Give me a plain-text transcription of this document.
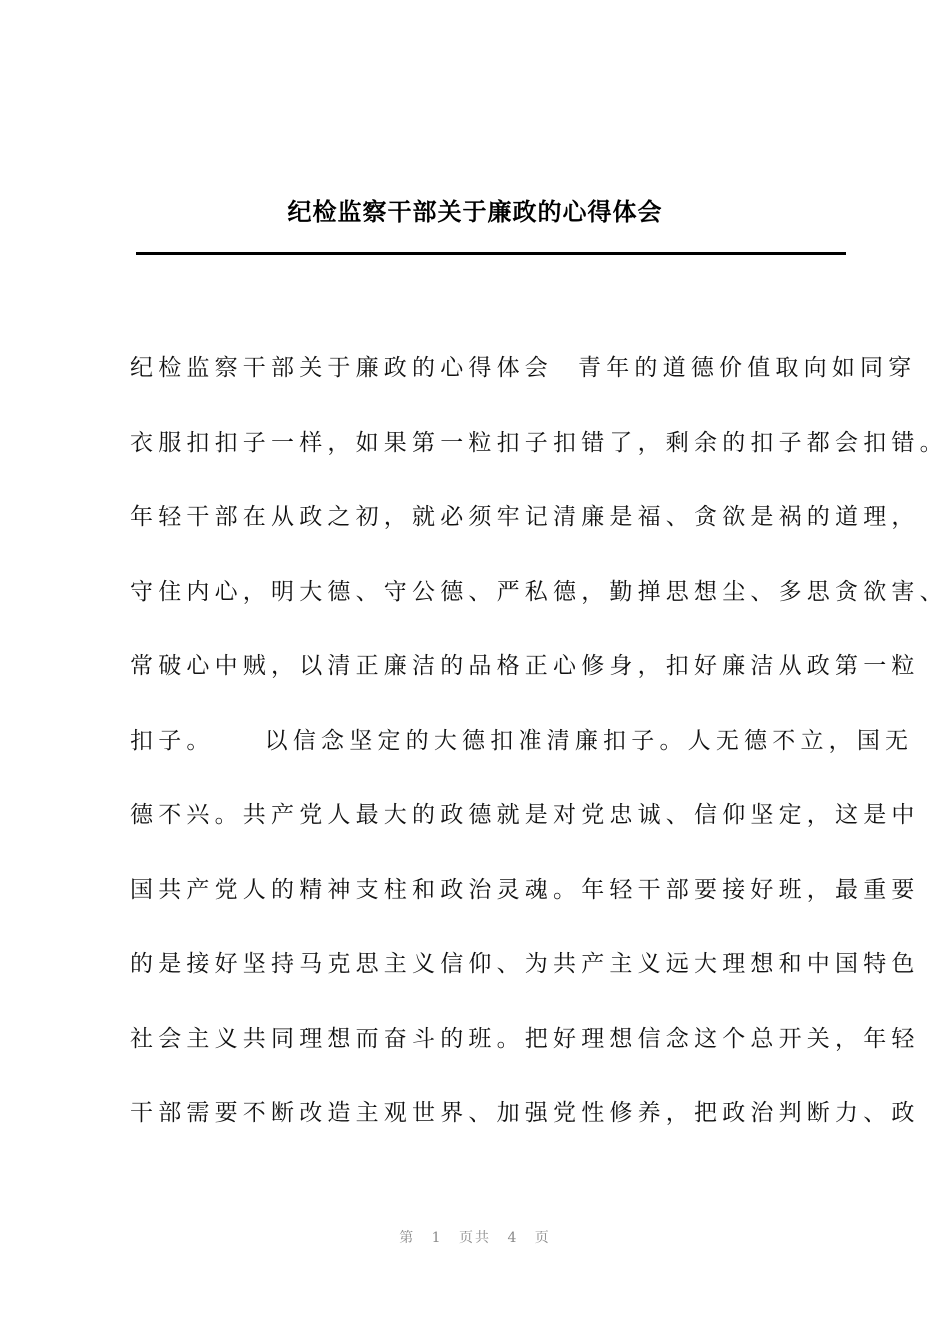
纪检监察干部关于廉政的心得体会
纪检监察干部关于廉政的心得体会  青年的道德价值取向如同穿
衣服扣扣子一样，如果第一粒扣子扣错了，剩余的扣子都会扣错。
年轻干部在从政之初，就必须牢记清廉是福、贪欲是祸的道理，
守住内心，明大德、守公德、严私德，勤掸思想尘、多思贪欲害、
常破心中贼，以清正廉洁的品格正心修身，扣好廉洁从政第一粒
扣子。    以信念坚定的大德扣准清廉扣子。人无德不立，国无
德不兴。共产党人最大的政德就是对党忠诚、信仰坚定，这是中
国共产党人的精神支柱和政治灵魂。年轻干部要接好班，最重要
的是接好坚持马克思主义信仰、为共产主义远大理想和中国特色
社会主义共同理想而奋斗的班。把好理想信念这个总开关，年轻
干部需要不断改造主观世界、加强党性修养，把政治判断力、政
第 1 页共 4 页
